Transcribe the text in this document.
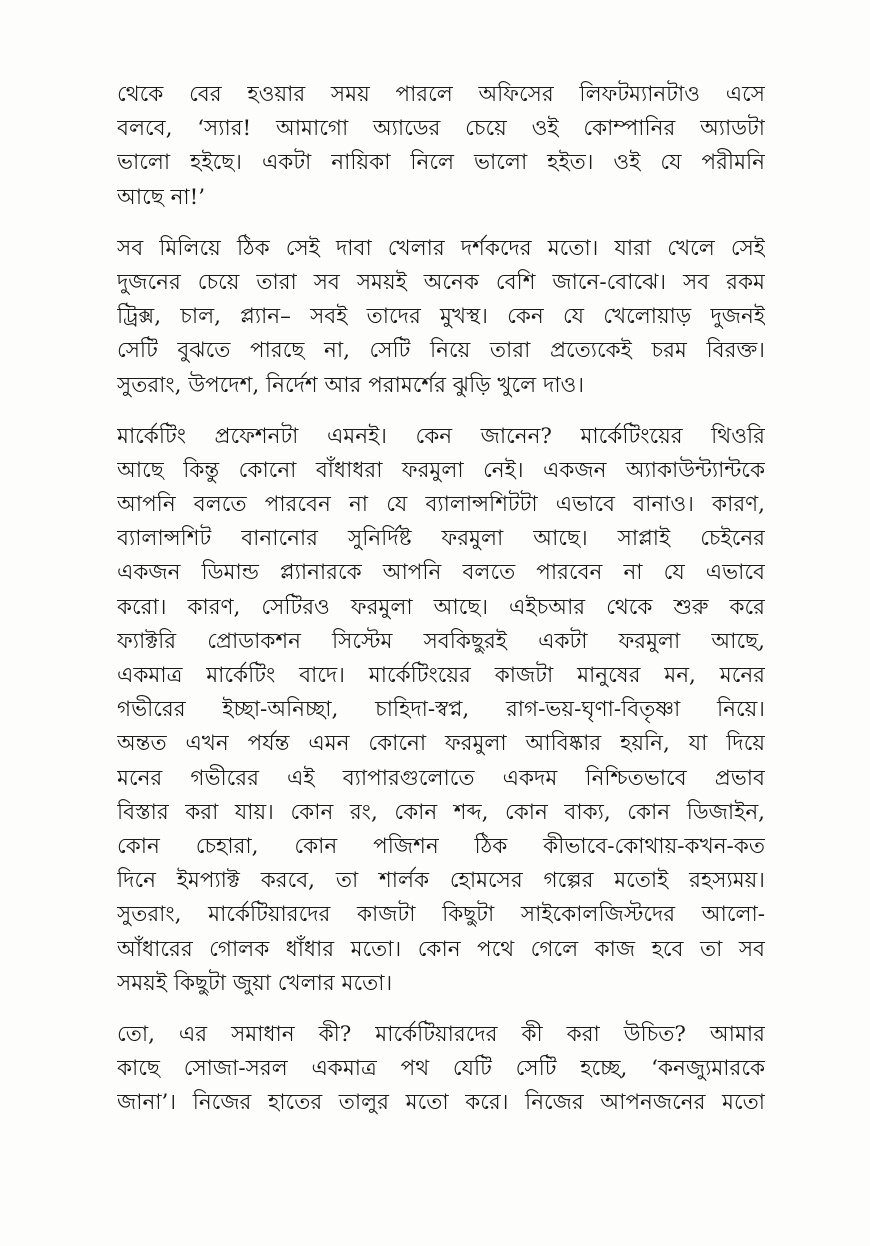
থেকে বের হওয়ার সময় পারলে অফিসের লিফটম্যানটাও এসে
বলবে, ‘স্যার! আমাগো অ্যাডের চেয়ে ওই কোম্পানির অ্যাডটা
ভালো হইছে। একটা নায়িকা নিলে ভালো হইত। ওই যে পরীমনি
আছে না!’
সব মিলিয়ে ঠিক সেই দাবা খেলার দর্শকদের মতো। যারা খেলে সেই
দুজনের চেয়ে তারা সব সময়ই অনেক বেশি জানে-বোঝে। সব রকম
ট্রিক্স, চাল, প্ল্যান– সবই তাদের মুখস্থ। কেন যে খেলোয়াড় দুজনই
সেটি বুঝতে পারছে না, সেটি নিয়ে তারা প্রত্যেকেই চরম বিরক্ত।
সুতরাং, উপদেশ, নির্দেশ আর পরামর্শের ঝুড়ি খুলে দাও।
মার্কেটিং প্রফেশনটা এমনই। কেন জানেন? মার্কেটিংয়ের থিওরি
আছে কিন্তু কোনো বাঁধাধরা ফরমুলা নেই। একজন অ্যাকাউন্ট্যান্টকে
আপনি বলতে পারবেন না যে ব্যালান্সশিটটা এভাবে বানাও। কারণ,
ব্যালান্সশিট বানানোর সুনির্দিষ্ট ফরমুলা আছে। সাপ্লাই চেইনের
একজন ডিমান্ড প্ল্যানারকে আপনি বলতে পারবেন না যে এভাবে
করো। কারণ, সেটিরও ফরমুলা আছে। এইচআর থেকে শুরু করে
ফ্যাক্টরি প্রোডাকশন সিস্টেম সবকিছুরই একটা ফরমুলা আছে,
একমাত্র মার্কেটিং বাদে। মার্কেটিংয়ের কাজটা মানুষের মন, মনের
গভীরের ইচ্ছা-অনিচ্ছা, চাহিদা-স্বপ্ন, রাগ-ভয়-ঘৃণা-বিতৃষ্ণা নিয়ে।
অন্তত এখন পর্যন্ত এমন কোনো ফরমুলা আবিষ্কার হয়নি, যা দিয়ে
মনের গভীরের এই ব্যাপারগুলোতে একদম নিশ্চিতভাবে প্রভাব
বিস্তার করা যায়। কোন রং, কোন শব্দ, কোন বাক্য, কোন ডিজাইন,
কোন চেহারা, কোন পজিশন ঠিক কীভাবে-কোথায়-কখন-কত
দিনে ইমপ্যাক্ট করবে, তা শার্লক হোমসের গল্পের মতোই রহস্যময়।
সুতরাং, মার্কেটিয়ারদের কাজটা কিছুটা সাইকোলজিস্টদের আলো-
আঁধারের গোলক ধাঁধার মতো। কোন পথে গেলে কাজ হবে তা সব
সময়ই কিছুটা জুয়া খেলার মতো।
তো, এর সমাধান কী? মার্কেটিয়ারদের কী করা উচিত? আমার
কাছে সোজা-সরল একমাত্র পথ যেটি সেটি হচ্ছে, ‘কনজ্যুমারকে
জানা’। নিজের হাতের তালুর মতো করে। নিজের আপনজনের মতো
